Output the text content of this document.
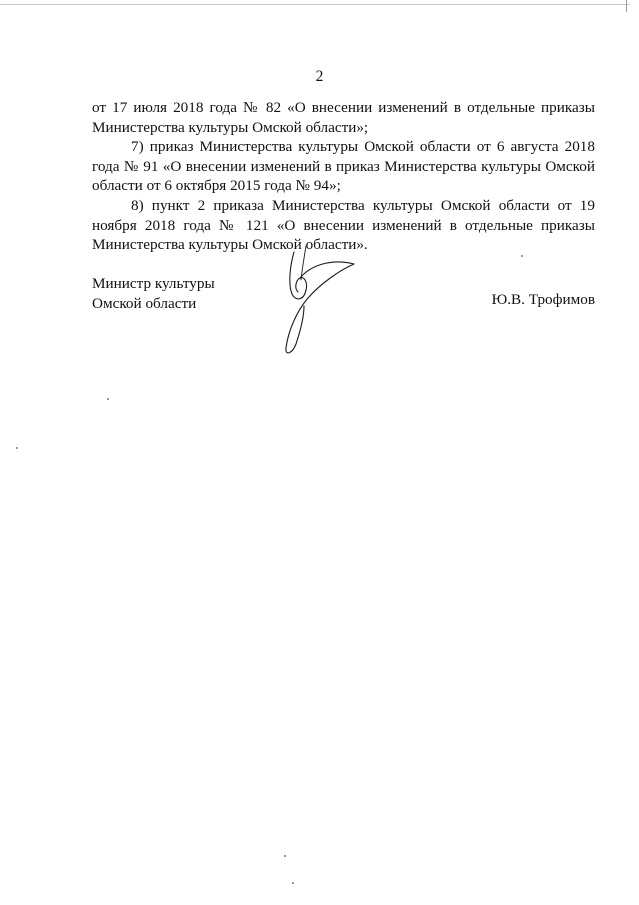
2

от 17 июля 2018 года № 82 «О внесении изменений в отдельные приказы Министерства культуры Омской области»;

7) приказ Министерства культуры Омской области от 6 августа 2018 года № 91 «О внесении изменений в приказ Министерства культуры Омской области от 6 октября 2015 года № 94»;

8) пункт 2 приказа Министерства культуры Омской области от 19 ноября 2018 года № 121 «О внесении изменений в отдельные приказы Министерства культуры Омской области».

Министр культуры
Омской области	Ю.В. Трофимов
